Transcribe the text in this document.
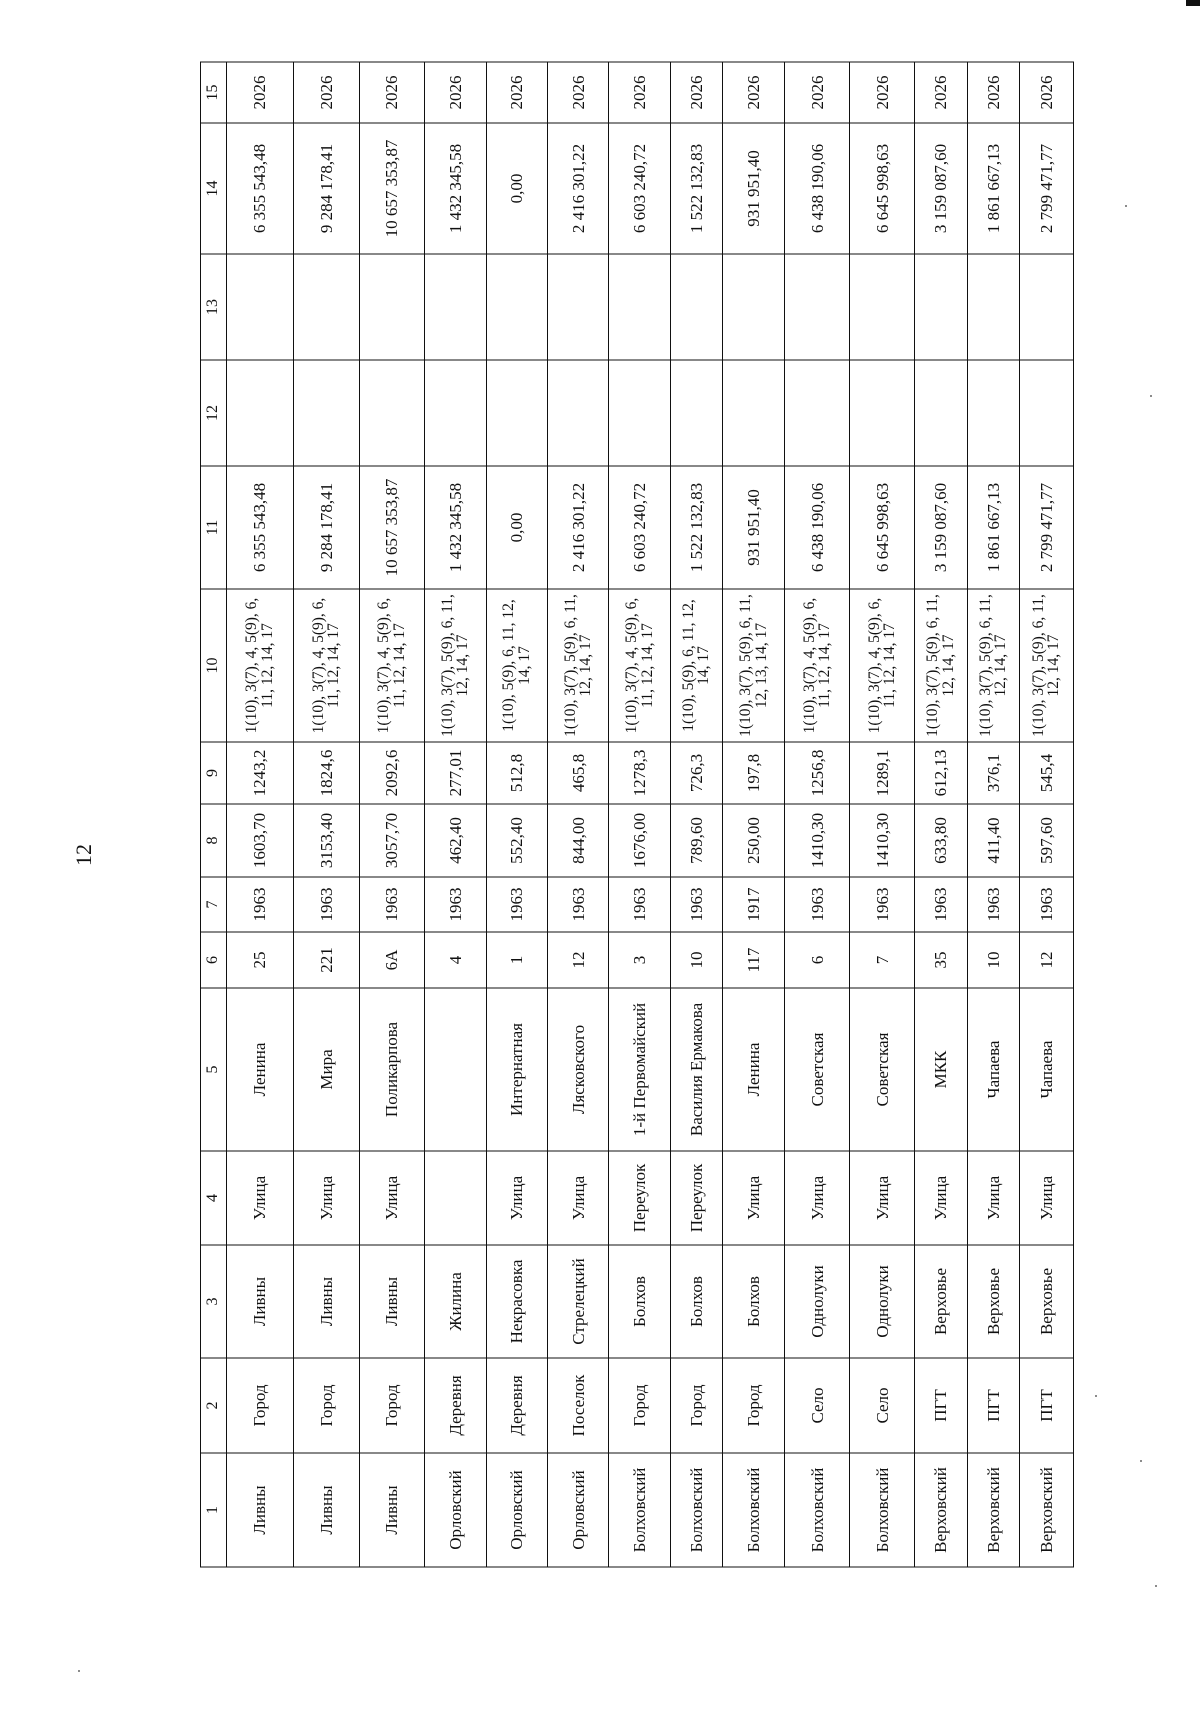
12
1	2	3	4	5	6	7	8	9	10	11	12	13	14	15
Ливны	Город	Ливны	Улица	Ленина	25	1963	1603,70	1243,2	1(10), 3(7), 4, 5(9), 6, 11, 12, 14, 17	6 355 543,48			6 355 543,48	2026
Ливны	Город	Ливны	Улица	Мира	221	1963	3153,40	1824,6	1(10), 3(7), 4, 5(9), 6, 11, 12, 14, 17	9 284 178,41			9 284 178,41	2026
Ливны	Город	Ливны	Улица	Поликарпова	6А	1963	3057,70	2092,6	1(10), 3(7), 4, 5(9), 6, 11, 12, 14, 17	10 657 353,87			10 657 353,87	2026
Орловский	Деревня	Жилина			4	1963	462,40	277,01	1(10), 3(7), 5(9), 6, 11, 12, 14, 17	1 432 345,58			1 432 345,58	2026
Орловский	Деревня	Некрасовка	Улица	Интернатная	1	1963	552,40	512,8	1(10), 5(9), 6, 11, 12, 14, 17	0,00			0,00	2026
Орловский	Поселок	Стрелецкий	Улица	Лясковского	12	1963	844,00	465,8	1(10), 3(7), 5(9), 6, 11, 12, 14, 17	2 416 301,22			2 416 301,22	2026
Болховский	Город	Болхов	Переулок	1-й Первомайский	3	1963	1676,00	1278,3	1(10), 3(7), 4, 5(9), 6, 11, 12, 14, 17	6 603 240,72			6 603 240,72	2026
Болховский	Город	Болхов	Переулок	Василия Ермакова	10	1963	789,60	726,3	1(10), 5(9), 6, 11, 12, 14, 17	1 522 132,83			1 522 132,83	2026
Болховский	Город	Болхов	Улица	Ленина	117	1917	250,00	197,8	1(10), 3(7), 5(9), 6, 11, 12, 13, 14, 17	931 951,40			931 951,40	2026
Болховский	Село	Однолуки	Улица	Советская	6	1963	1410,30	1256,8	1(10), 3(7), 4, 5(9), 6, 11, 12, 14, 17	6 438 190,06			6 438 190,06	2026
Болховский	Село	Однолуки	Улица	Советская	7	1963	1410,30	1289,1	1(10), 3(7), 4, 5(9), 6, 11, 12, 14, 17	6 645 998,63			6 645 998,63	2026
Верховский	ПГТ	Верховье	Улица	МКК	35	1963	633,80	612,13	1(10), 3(7), 5(9), 6, 11, 12, 14, 17	3 159 087,60			3 159 087,60	2026
Верховский	ПГТ	Верховье	Улица	Чапаева	10	1963	411,40	376,1	1(10), 3(7), 5(9), 6, 11, 12, 14, 17	1 861 667,13			1 861 667,13	2026
Верховский	ПГТ	Верховье	Улица	Чапаева	12	1963	597,60	545,4	1(10), 3(7), 5(9), 6, 11, 12, 14, 17	2 799 471,77			2 799 471,77	2026
